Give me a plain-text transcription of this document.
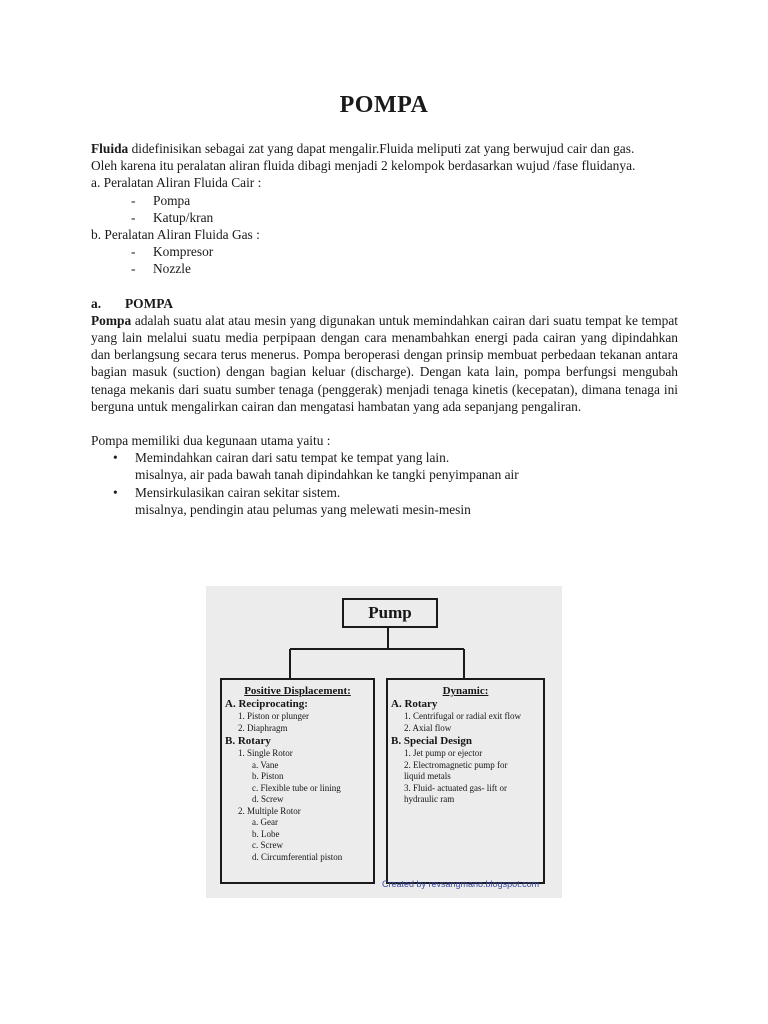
POMPA

Fluida didefinisikan sebagai zat yang dapat mengalir.Fluida meliputi zat yang berwujud cair dan gas.

Oleh karena itu peralatan aliran fluida dibagi menjadi 2 kelompok berdasarkan wujud /fase fluidanya.

a. Peralatan Aliran Fluida Cair :

- Pompa

- Katup/kran

b. Peralatan Aliran Fluida Gas :

- Kompresor

- Nozzle

a. POMPA

Pompa adalah suatu alat atau mesin yang digunakan untuk memindahkan cairan dari suatu tempat ke tempat yang lain melalui suatu media perpipaan dengan cara menambahkan energi pada cairan yang dipindahkan dan berlangsung secara terus menerus. Pompa beroperasi dengan prinsip membuat perbedaan tekanan antara bagian masuk (suction) dengan bagian keluar (discharge). Dengan kata lain, pompa berfungsi mengubah tenaga mekanis dari suatu sumber tenaga (penggerak) menjadi tenaga kinetis (kecepatan), dimana tenaga ini berguna untuk mengalirkan cairan dan mengatasi hambatan yang ada sepanjang pengaliran.

Pompa memiliki dua kegunaan utama yaitu :

• Memindahkan cairan dari satu tempat ke tempat yang lain.

misalnya, air pada bawah tanah dipindahkan ke tangki penyimpanan air

• Mensirkulasikan cairan sekitar sistem.

misalnya, pendingin atau pelumas yang melewati mesin-mesin

Pump
Positive Displacement:
A. Reciprocating:
1. Piston or plunger
2. Diaphragm
B. Rotary
1. Single Rotor
a. Vane
b. Piston
c. Flexible tube or lining
d. Screw
2. Multiple Rotor
a. Gear
b. Lobe
c. Screw
d. Circumferential piston
Dynamic:
A. Rotary
1. Centrifugal or radial exit flow
2. Axial flow
B. Special Design
1. Jet pump or ejector
2. Electromagnetic pump for
liquid metals
3. Fluid- actuated gas- lift or
hydraulic ram
Created by revsangmano.blogspot.com
